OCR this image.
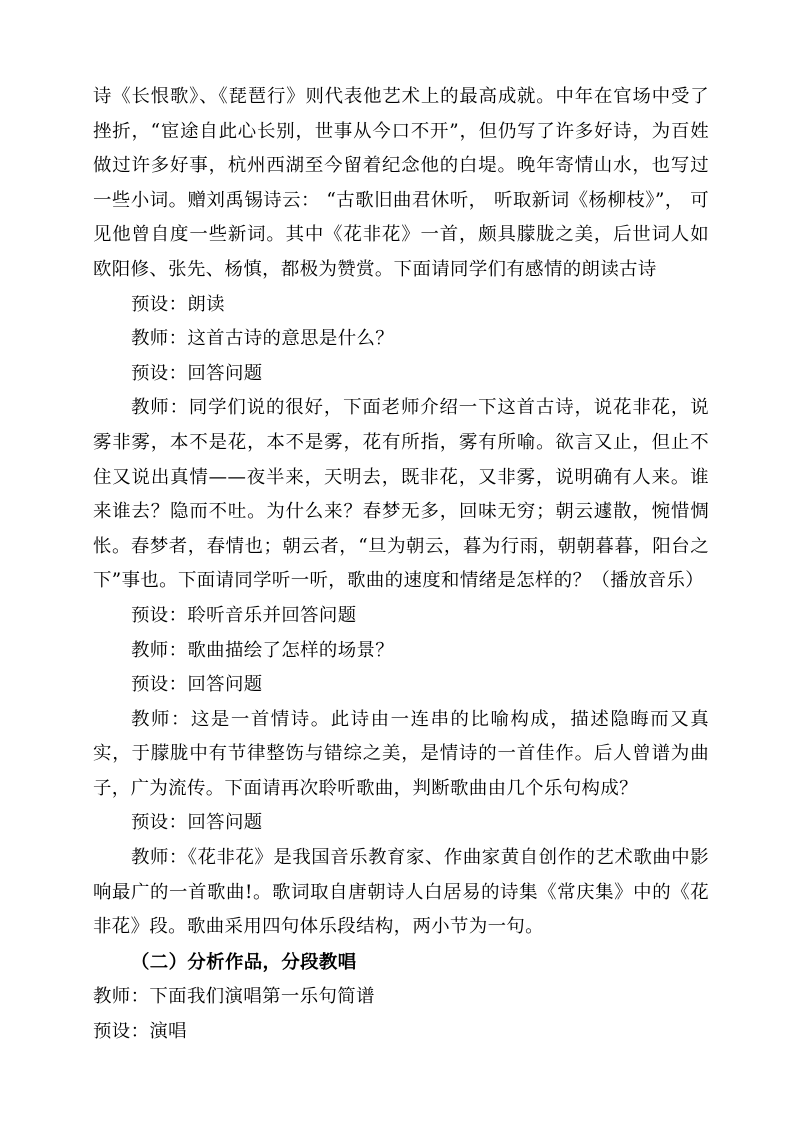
诗《长恨歌》、《琵琶行》则代表他艺术上的最高成就。中年在官场中受了挫折，“宦途自此心长别，世事从今口不开”，但仍写了许多好诗，为百姓做过许多好事，杭州西湖至今留着纪念他的白堤。晚年寄情山水，也写过一些小词。赠刘禹锡诗云： “古歌旧曲君休听， 听取新词《杨柳枝》”， 可见他曾自度一些新词。其中《花非花》一首，颇具朦胧之美，后世词人如欧阳修、张先、杨慎，都极为赞赏。下面请同学们有感情的朗读古诗

预设：朗读

教师：这首古诗的意思是什么？

预设：回答问题

教师：同学们说的很好，下面老师介绍一下这首古诗，说花非花，说雾非雾，本不是花，本不是雾，花有所指，雾有所喻。欲言又止，但止不住又说出真情——夜半来，天明去，既非花，又非雾，说明确有人来。谁来谁去？隐而不吐。为什么来？春梦无多，回味无穷；朝云遽散，惋惜惆怅。春梦者，春情也；朝云者，“旦为朝云，暮为行雨，朝朝暮暮，阳台之下”事也。下面请同学听一听，歌曲的速度和情绪是怎样的？（播放音乐）

预设：聆听音乐并回答问题

教师：歌曲描绘了怎样的场景？

预设：回答问题

教师：这是一首情诗。此诗由一连串的比喻构成，描述隐晦而又真实，于朦胧中有节律整饬与错综之美，是情诗的一首佳作。后人曾谱为曲子，广为流传。下面请再次聆听歌曲，判断歌曲由几个乐句构成？

预设：回答问题

教师：《花非花》是我国音乐教育家、作曲家黄自创作的艺术歌曲中影响最广的一首歌曲!。歌词取自唐朝诗人白居易的诗集《常庆集》中的《花非花》段。歌曲采用四句体乐段结构，两小节为一句。

（二）分析作品，分段教唱

教师：下面我们演唱第一乐句简谱

预设：演唱
